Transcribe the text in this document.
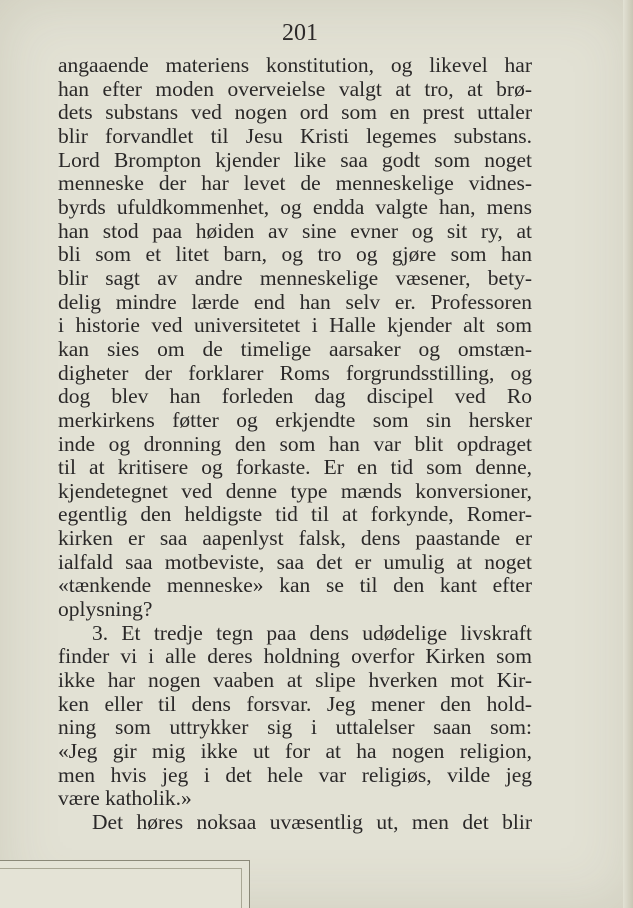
201
angaaende materiens konstitution, og likevel har
han efter moden overveielse valgt at tro, at brø-
dets substans ved nogen ord som en prest uttaler
blir forvandlet til Jesu Kristi legemes substans.
Lord Brompton kjender like saa godt som noget
menneske der har levet de menneskelige vidnes-
byrds ufuldkommenhet, og endda valgte han, mens
han stod paa høiden av sine evner og sit ry, at
bli som et litet barn, og tro og gjøre som han
blir sagt av andre menneskelige væsener, bety-
delig mindre lærde end han selv er. Professoren
i historie ved universitetet i Halle kjender alt som
kan sies om de timelige aarsaker og omstæn-
digheter der forklarer Roms forgrundsstilling, og
dog blev han forleden dag discipel ved Ro
merkirkens føtter og erkjendte som sin hersker
inde og dronning den som han var blit opdraget
til at kritisere og forkaste. Er en tid som denne,
kjendetegnet ved denne type mænds konversioner,
egentlig den heldigste tid til at forkynde, Romer-
kirken er saa aapenlyst falsk, dens paastande er
ialfald saa motbeviste, saa det er umulig at noget
«tænkende menneske» kan se til den kant efter
oplysning?
3. Et tredje tegn paa dens udødelige livskraft
finder vi i alle deres holdning overfor Kirken som
ikke har nogen vaaben at slipe hverken mot Kir-
ken eller til dens forsvar. Jeg mener den hold-
ning som uttrykker sig i uttalelser saan som:
«Jeg gir mig ikke ut for at ha nogen religion,
men hvis jeg i det hele var religiøs, vilde jeg
være katholik.»
Det høres noksaa uvæsentlig ut, men det blir
